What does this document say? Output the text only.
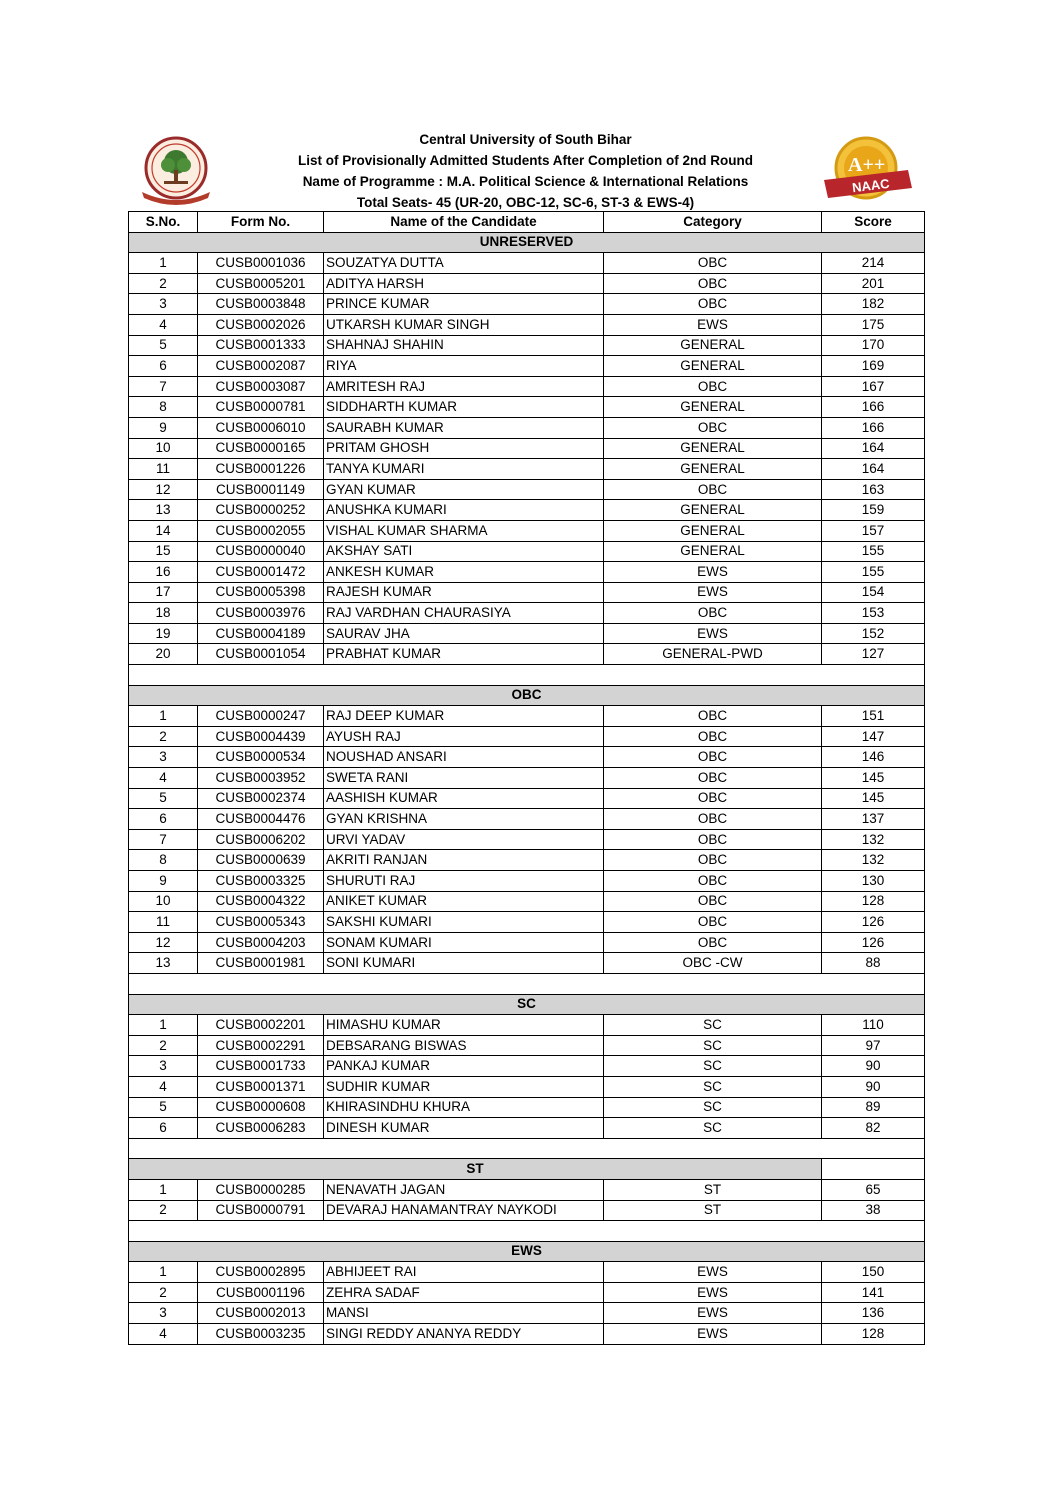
A++
NAAC
Central University of South Bihar
List of Provisionally Admitted Students After Completion of 2nd Round
Name of Programme : M.A. Political Science & International Relations
Total Seats- 45 (UR-20, OBC-12, SC-6, ST-3 & EWS-4)
S.No.	Form No.	Name of the Candidate	Category	Score
UNRESERVED				
1	CUSB0001036	SOUZATYA DUTTA	OBC	214
2	CUSB0005201	ADITYA HARSH	OBC	201
3	CUSB0003848	PRINCE KUMAR	OBC	182
4	CUSB0002026	UTKARSH KUMAR SINGH	EWS	175
5	CUSB0001333	SHAHNAJ SHAHIN	GENERAL	170
6	CUSB0002087	RIYA	GENERAL	169
7	CUSB0003087	AMRITESH RAJ	OBC	167
8	CUSB0000781	SIDDHARTH KUMAR	GENERAL	166
9	CUSB0006010	SAURABH KUMAR	OBC	166
10	CUSB0000165	PRITAM GHOSH	GENERAL	164
11	CUSB0001226	TANYA KUMARI	GENERAL	164
12	CUSB0001149	GYAN KUMAR	OBC	163
13	CUSB0000252	ANUSHKA KUMARI	GENERAL	159
14	CUSB0002055	VISHAL KUMAR SHARMA	GENERAL	157
15	CUSB0000040	AKSHAY SATI	GENERAL	155
16	CUSB0001472	ANKESH KUMAR	EWS	155
17	CUSB0005398	RAJESH KUMAR	EWS	154
18	CUSB0003976	RAJ VARDHAN CHAURASIYA	OBC	153
19	CUSB0004189	SAURAV JHA	EWS	152
20	CUSB0001054	PRABHAT KUMAR	GENERAL-PWD	127

OBC				
1	CUSB0000247	RAJ DEEP KUMAR	OBC	151
2	CUSB0004439	AYUSH RAJ	OBC	147
3	CUSB0000534	NOUSHAD ANSARI	OBC	146
4	CUSB0003952	SWETA RANI	OBC	145
5	CUSB0002374	AASHISH KUMAR	OBC	145
6	CUSB0004476	GYAN KRISHNA	OBC	137
7	CUSB0006202	URVI YADAV	OBC	132
8	CUSB0000639	AKRITI RANJAN	OBC	132
9	CUSB0003325	SHURUTI RAJ	OBC	130
10	CUSB0004322	ANIKET KUMAR	OBC	128
11	CUSB0005343	SAKSHI KUMARI	OBC	126
12	CUSB0004203	SONAM KUMARI	OBC	126
13	CUSB0001981	SONI KUMARI	OBC -CW	88

SC				
1	CUSB0002201	HIMASHU KUMAR	SC	110
2	CUSB0002291	DEBSARANG BISWAS	SC	97
3	CUSB0001733	PANKAJ KUMAR	SC	90
4	CUSB0001371	SUDHIR KUMAR	SC	90
5	CUSB0000608	KHIRASINDHU KHURA	SC	89
6	CUSB0006283	DINESH KUMAR	SC	82

ST				
1	CUSB0000285	NENAVATH JAGAN	ST	65
2	CUSB0000791	DEVARAJ HANAMANTRAY NAYKODI	ST	38

EWS				
1	CUSB0002895	ABHIJEET RAI	EWS	150
2	CUSB0001196	ZEHRA SADAF	EWS	141
3	CUSB0002013	MANSI	EWS	136
4	CUSB0003235	SINGI REDDY ANANYA REDDY	EWS	128
